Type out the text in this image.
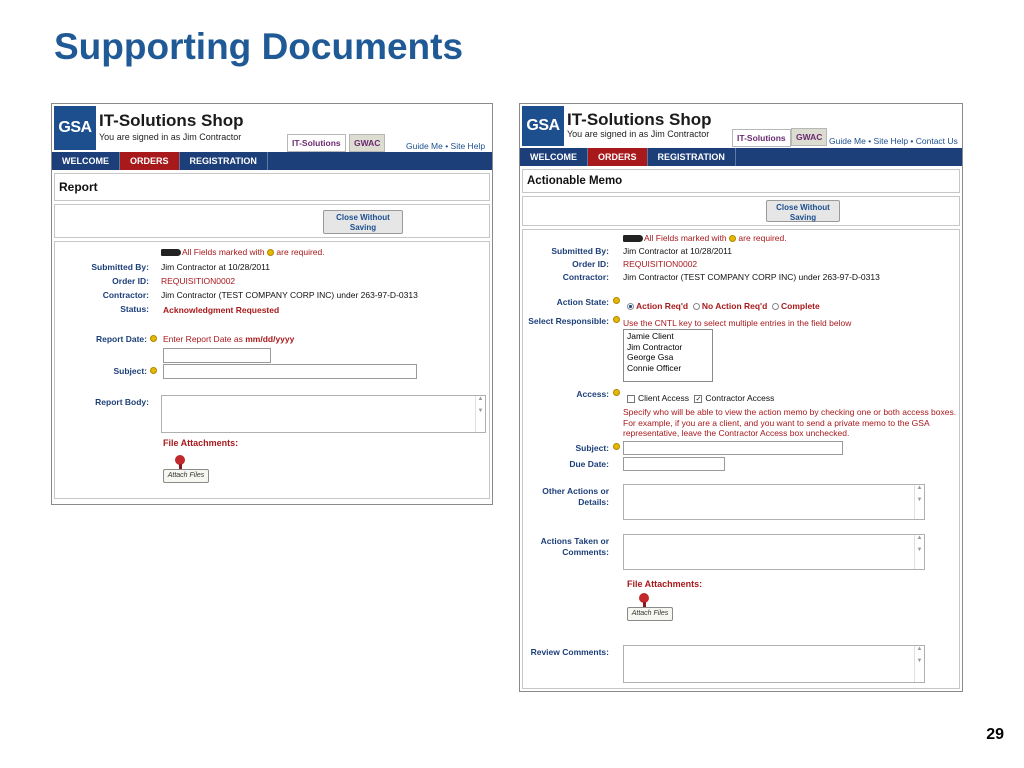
Supporting Documents
29
GSA IT-Solutions Shop
You are signed in as Jim Contractor
IT-Solutions	GWAC	Guide Me • Site Help
WELCOME	ORDERS	REGISTRATION
Report
Close Without Saving
All Fields marked with are required.
Submitted By: Jim Contractor at 10/28/2011
Order ID: REQUISITION0002
Contractor: Jim Contractor (TEST COMPANY CORP INC) under 263-97-D-0313
Status: Acknowledgment Requested
Report Date: Enter Report Date as mm/dd/yyyy
Subject:
Report Body:	▲

▼
File Attachments:
Attach Files
GSA IT-Solutions Shop
You are signed in as Jim Contractor	IT-Solutions	GWAC Guide Me • Site Help • Contact Us
WELCOME	ORDERS	REGISTRATION
Actionable Memo
Close Without Saving
All Fields marked with are required.
Submitted By: Jim Contractor at 10/28/2011
Order ID: REQUISITION0002
Contractor: Jim Contractor (TEST COMPANY CORP INC) under 263-97-D-0313
Action State:	Action Req'd No Action Req'd Complete
Select Responsible: Use the CNTL key to select multiple entries in the field below
Jamie Client
Jim Contractor
George Gsa
Connie Officer
Access:	Client Access ✓ Contractor Access
Specify who will be able to view the action memo by checking one or both access boxes. For example, if you are a client, and you want to send a private memo to the GSA representative, leave the Contractor Access box unchecked.
Subject:
Due Date:
Other Actions or Details:
▲

▼
Actions Taken or Comments:
▲

▼
File Attachments:
Attach Files
Review Comments:	▲

▼
